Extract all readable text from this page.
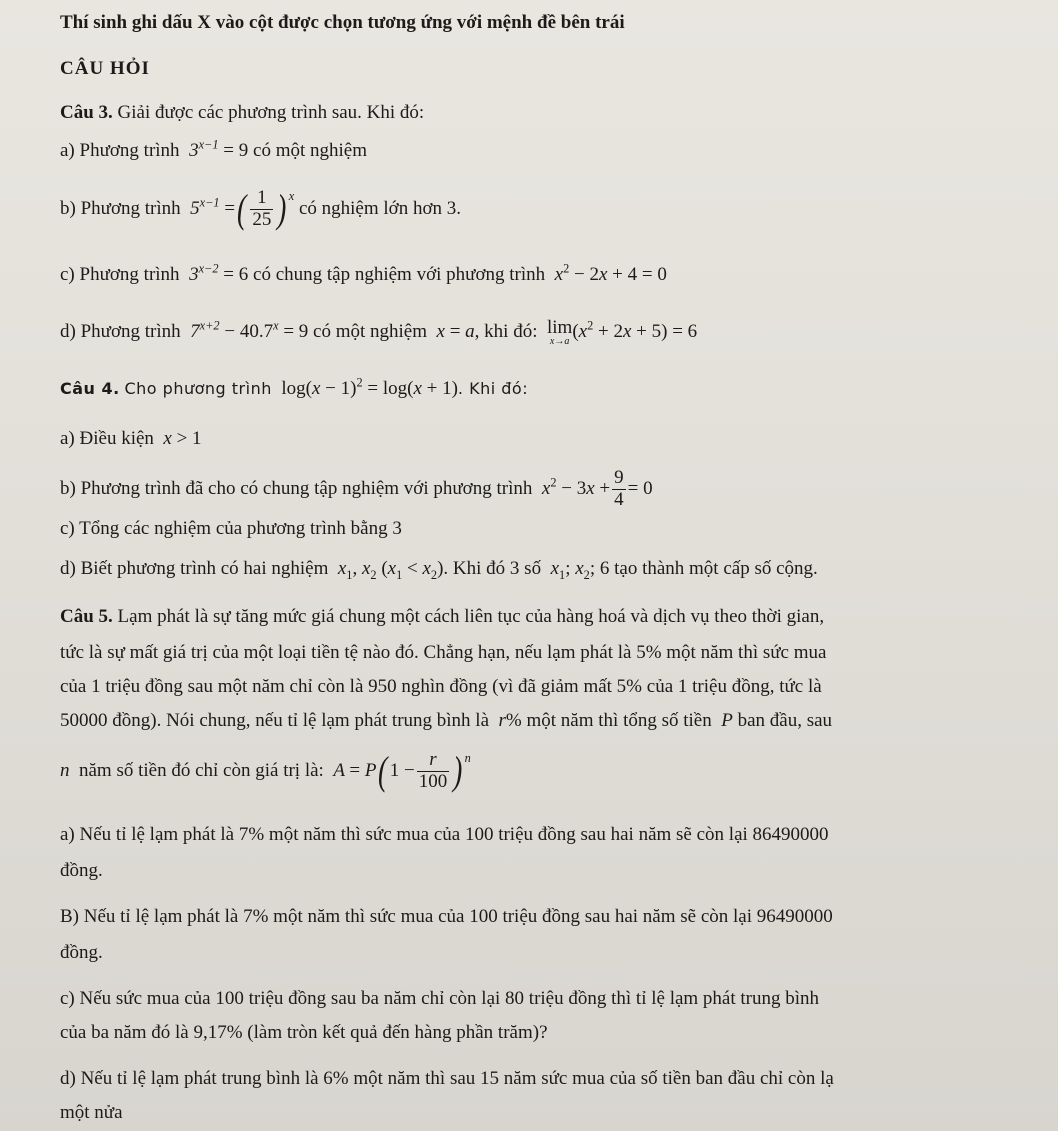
Thí sinh ghi dấu X vào cột được chọn tương ứng với mệnh đề bên trái
CÂU HỎI
Câu 3. Giải được các phương trình sau. Khi đó:
a) Phương trình  $3^{x-1} = 9$ có một nghiệm
b) Phương trình  $5^{x-1}$ =( $\frac{1}{25}$ ) $^x$ có nghiệm lớn hơn 3.
c) Phương trình  $3^{x-2} = 6$ có chung tập nghiệm với phương trình  $x^2 - 2x + 4 = 0$
d) Phương trình  $7^{x+2} - 40.7^x = 9$ có một nghiệm  x = a, khi đó: lim
x→a $(x^2 + 2x + 5) = 6$
Câu 4. Cho phương trình $\log(x - 1)^2 = \log(x + 1)$. Khi đó:
a) Điều kiện  x > 1
b) Phương trình đã cho có chung tập nghiệm với phương trình  $x^2 - 3x + \frac{9}{4} = 0$
c) Tổng các nghiệm của phương trình bằng 3
d) Biết phương trình có hai nghiệm  $x_1$, $x_2$ $(x_1 < x_2)$. Khi đó 3 số  $x_1$; $x_2$; 6 tạo thành một cấp số cộng.
Câu 5. Lạm phát là sự tăng mức giá chung một cách liên tục của hàng hoá và dịch vụ theo thời gian,
tức là sự mất giá trị của một loại tiền tệ nào đó. Chẳng hạn, nếu lạm phát là 5% một năm thì sức mua
của 1 triệu đồng sau một năm chỉ còn là 950 nghìn đồng (vì đã giảm mất 5% của 1 triệu đồng, tức là
50000 đồng). Nói chung, nếu tỉ lệ lạm phát trung bình là  r% một năm thì tổng số tiền  P ban đầu, sau
n  năm số tiền đó chỉ còn giá trị là:  A = P( $1 - \frac{r}{100}$ ) $^n$
a) Nếu tỉ lệ lạm phát là 7% một năm thì sức mua của 100 triệu đồng sau hai năm sẽ còn lại 86490000
đồng.
B) Nếu tỉ lệ lạm phát là 7% một năm thì sức mua của 100 triệu đồng sau hai năm sẽ còn lại 96490000
đồng.
c) Nếu sức mua của 100 triệu đồng sau ba năm chỉ còn lại 80 triệu đồng thì tỉ lệ lạm phát trung bình
của ba năm đó là 9,17% (làm tròn kết quả đến hàng phần trăm)?
d) Nếu tỉ lệ lạm phát trung bình là 6% một năm thì sau 15 năm sức mua của số tiền ban đầu chỉ còn lạ
một nửa
